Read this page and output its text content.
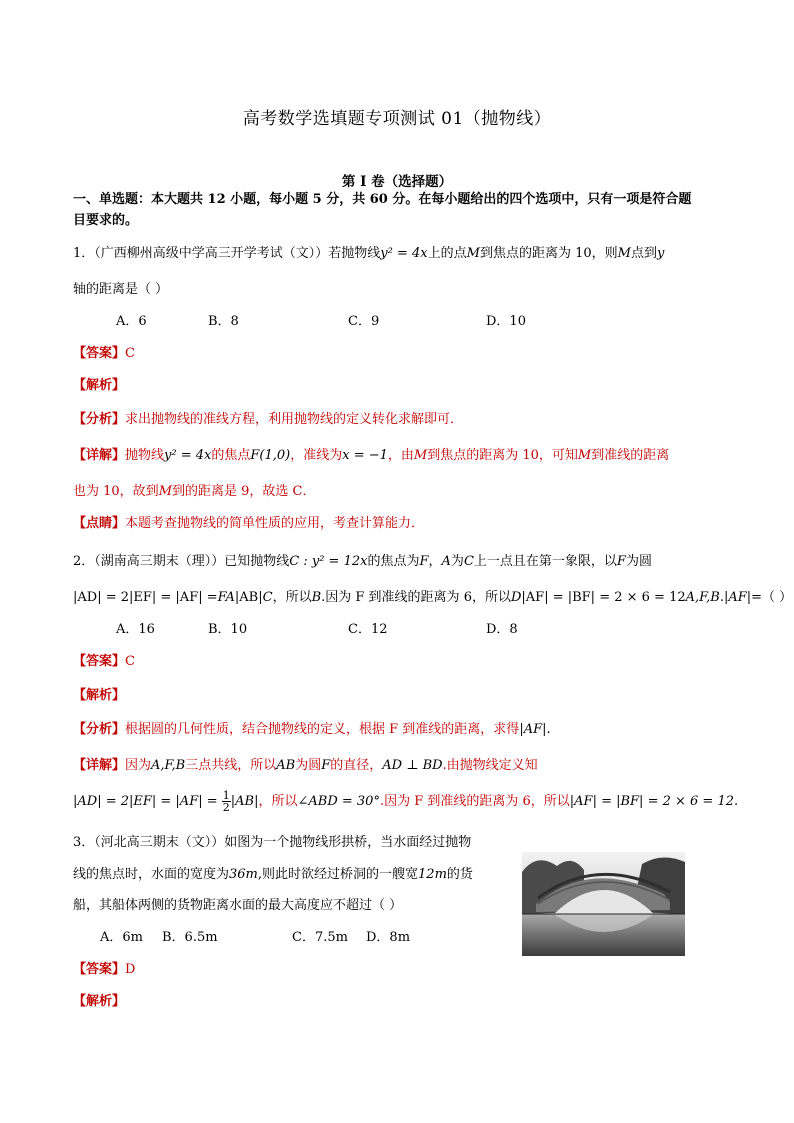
高考数学选填题专项测试 01（抛物线）
第 I 卷（选择题）
一、单选题：本大题共 12 小题，每小题 5 分，共 60 分。在每小题给出的四个选项中，只有一项是符合题
目要求的。
1．（广西柳州高级中学高三开学考试（文））若抛物线y² = 4x上的点M到焦点的距离为 10，则M点到y
轴的距离是（ ）
A．6	B．8	C．9	D．10
【答案】C
【解析】
【分析】求出抛物线的准线方程，利用抛物线的定义转化求解即可．
【详解】抛物线y² = 4x的焦点F(1,0)，准线为x = −1，由M到焦点的距离为 10，可知M到准线的距离
也为 10，故到M到的距离是 9，故选 C．
【点睛】本题考查抛物线的简单性质的应用，考查计算能力．
2．（湖南高三期末（理））已知抛物线C : y² = 12x的焦点为F，A为C上一点且在第一象限，以F为圆
|AD| = 2|EF| = |AF| =FA|AB|C，所以B.因为 F 到准线的距离为 6，所以D|AF| = |BF| = 2 × 6 = 12A,F,B.|AF|=（ ）
A．16	B．10	C．12	D．8
【答案】C
【解析】
【分析】根据圆的几何性质，结合抛物线的定义，根据 F 到准线的距离，求得|AF|.
【详解】因为A,F,B三点共线，所以AB为圆F的直径，AD ⊥ BD.由抛物线定义知
$|AD| = 2|EF| = |AF| = \frac{1}{2} |AB|$，所以∠ABD = 30°.因为 F 到准线的距离为 6，所以|AF| = |BF| = 2 × 6 = 12.
3．（河北高三期末（文））如图为一个抛物线形拱桥，当水面经过抛物
线的焦点时，水面的宽度为36m,则此时欲经过桥洞的一艘宽12m的货
船，其船体两侧的货物距离水面的最大高度应不超过（ ）
A．6m B．6.5m	C．7.5m D．8m
【答案】D
【解析】
